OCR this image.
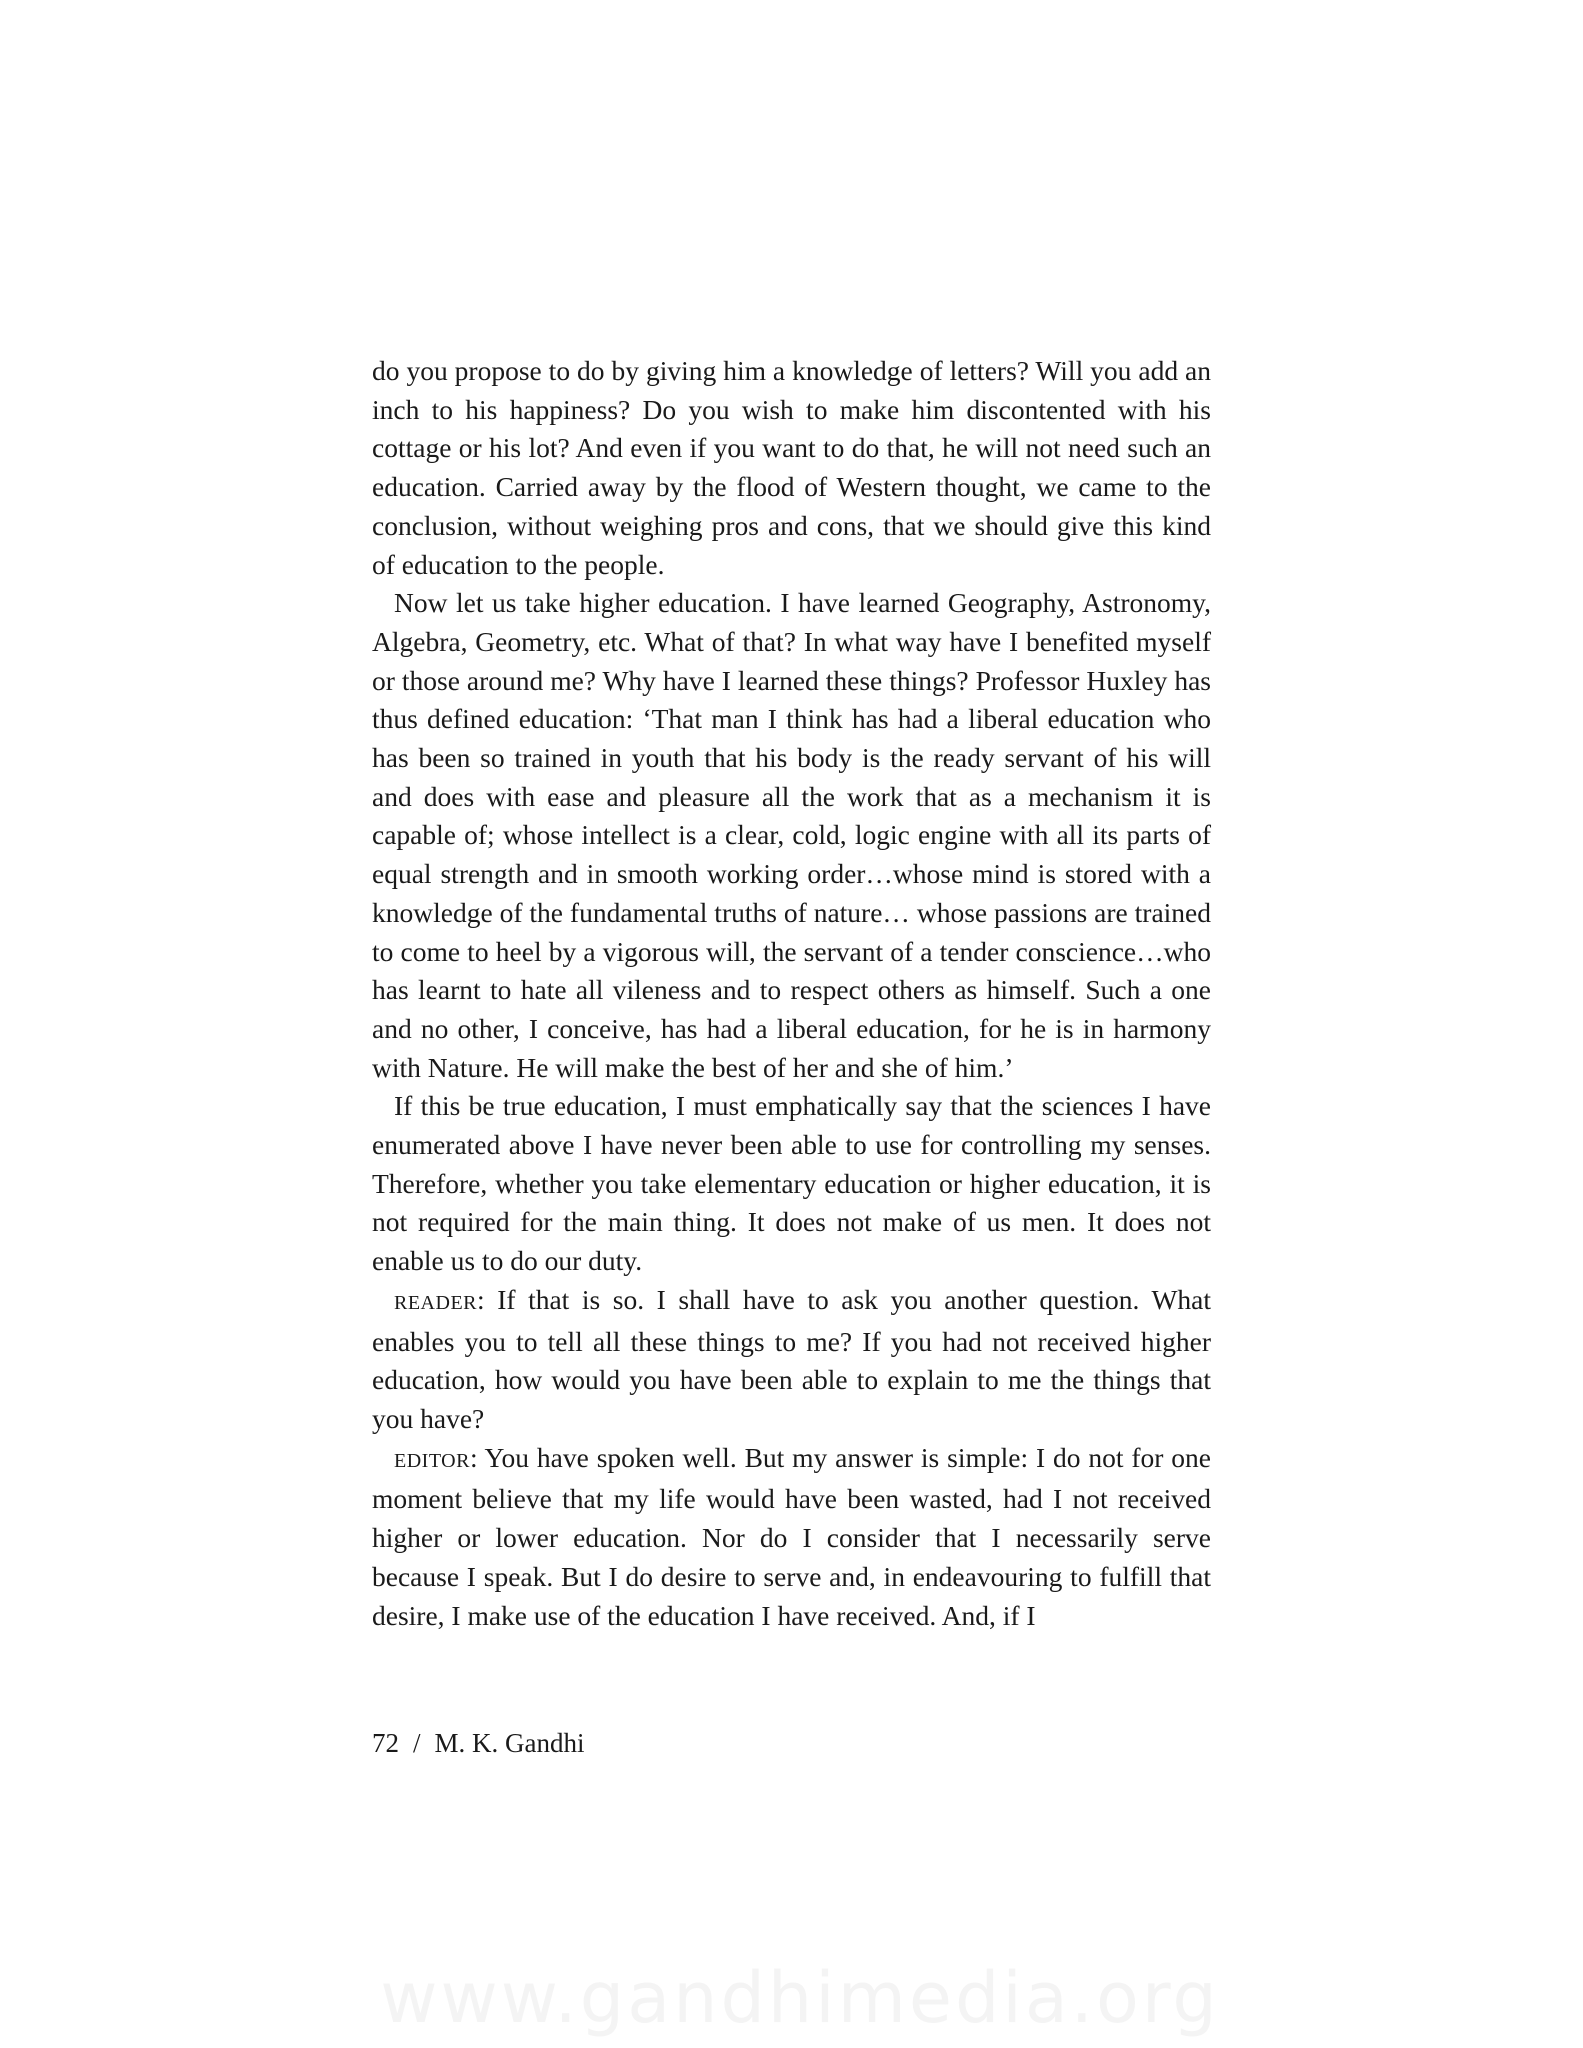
do you propose to do by giving him a knowledge of letters? Will you add an inch to his happiness? Do you wish to make him discontented with his cottage or his lot? And even if you want to do that, he will not need such an education. Carried away by the flood of Western thought, we came to the conclusion, without weighing pros and cons, that we should give this kind of education to the people.

Now let us take higher education. I have learned Geography, Astronomy, Algebra, Geometry, etc. What of that? In what way have I benefited myself or those around me? Why have I learned these things? Professor Huxley has thus defined education: ‘That man I think has had a liberal education who has been so trained in youth that his body is the ready servant of his will and does with ease and pleasure all the work that as a mechanism it is capable of; whose intellect is a clear, cold, logic engine with all its parts of equal strength and in smooth working order…whose mind is stored with a knowledge of the fundamental truths of nature… whose passions are trained to come to heel by a vigorous will, the servant of a tender conscience…who has learnt to hate all vileness and to respect others as himself. Such a one and no other, I conceive, has had a liberal education, for he is in harmony with Nature. He will make the best of her and she of him.’

If this be true education, I must emphatically say that the sciences I have enumerated above I have never been able to use for controlling my senses. Therefore, whether you take elementary education or higher education, it is not required for the main thing. It does not make of us men. It does not enable us to do our duty.

READER: If that is so. I shall have to ask you another question. What enables you to tell all these things to me? If you had not received higher education, how would you have been able to explain to me the things that you have?

EDITOR: You have spoken well. But my answer is simple: I do not for one moment believe that my life would have been wasted, had I not received higher or lower education. Nor do I consider that I necessarily serve because I speak. But I do desire to serve and, in endeavouring to fulfill that desire, I make use of the education I have received. And, if I

72 / M. K. Gandhi
www.gandhimedia.org
